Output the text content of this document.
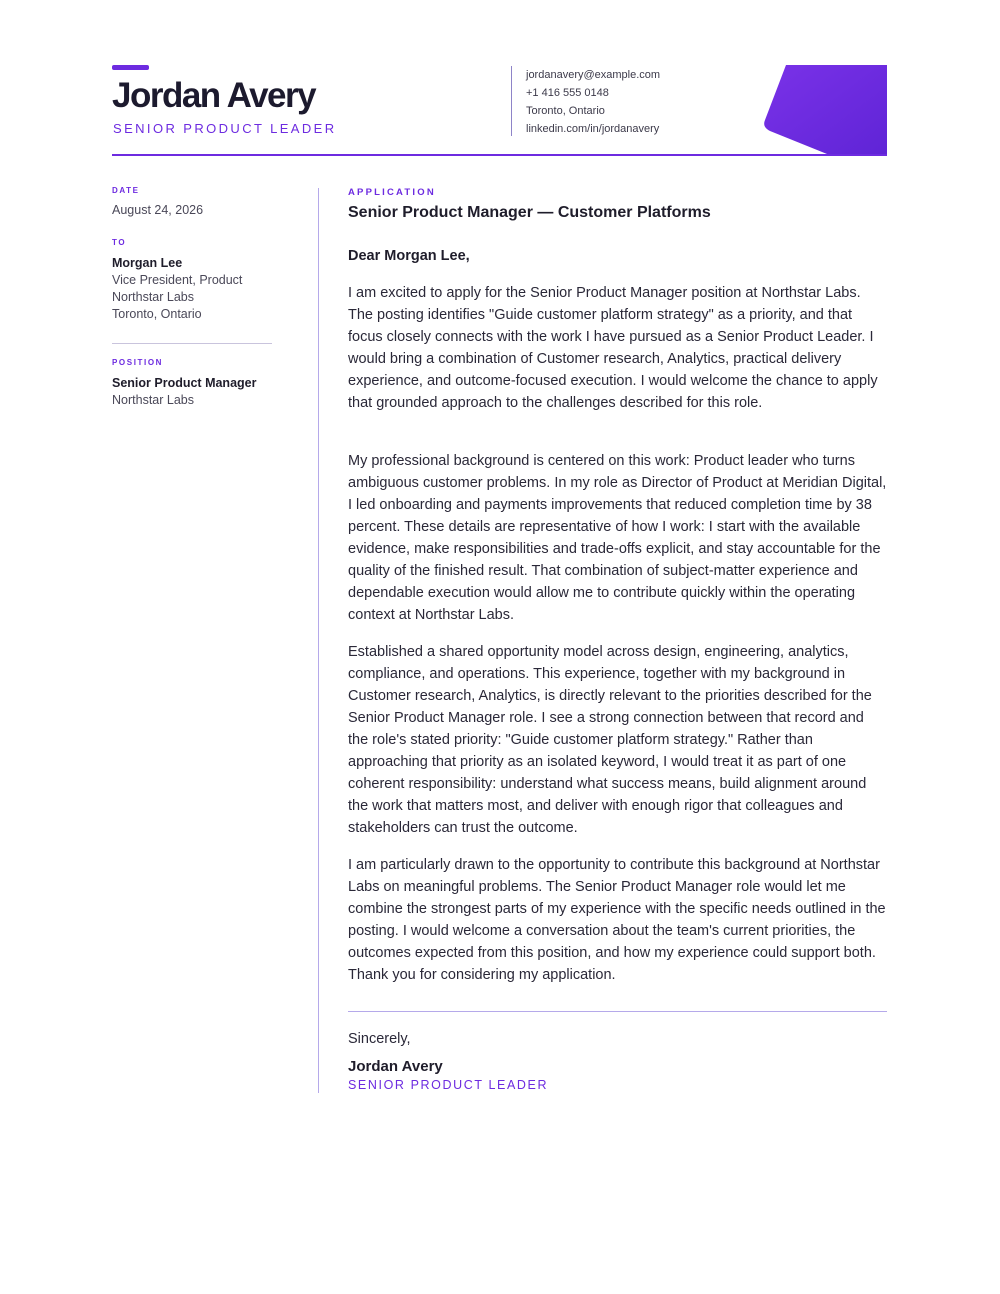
Jordan Avery
SENIOR PRODUCT LEADER
jordanavery@example.com
+1 416 555 0148
Toronto, Ontario
linkedin.com/in/jordanavery
DATE
August 24, 2026
TO
Morgan Lee
Vice President, Product
Northstar Labs
Toronto, Ontario
POSITION
Senior Product Manager
Northstar Labs
APPLICATION
Senior Product Manager — Customer Platforms
Dear Morgan Lee,

I am excited to apply for the Senior Product Manager position at Northstar Labs. The posting identifies "Guide customer platform strategy" as a priority, and that focus closely connects with the work I have pursued as a Senior Product Leader. I would bring a combination of Customer research, Analytics, practical delivery experience, and outcome-focused execution. I would welcome the chance to apply that grounded approach to the challenges described for this role.

My professional background is centered on this work: Product leader who turns ambiguous customer problems. In my role as Director of Product at Meridian Digital, I led onboarding and payments improvements that reduced completion time by 38 percent. These details are representative of how I work: I start with the available evidence, make responsibilities and trade-offs explicit, and stay accountable for the quality of the finished result. That combination of subject-matter experience and dependable execution would allow me to contribute quickly within the operating context at Northstar Labs.

Established a shared opportunity model across design, engineering, analytics, compliance, and operations. This experience, together with my background in Customer research, Analytics, is directly relevant to the priorities described for the Senior Product Manager role. I see a strong connection between that record and the role's stated priority: "Guide customer platform strategy." Rather than approaching that priority as an isolated keyword, I would treat it as part of one coherent responsibility: understand what success means, build alignment around the work that matters most, and deliver with enough rigor that colleagues and stakeholders can trust the outcome.

I am particularly drawn to the opportunity to contribute this background at Northstar Labs on meaningful problems. The Senior Product Manager role would let me combine the strongest parts of my experience with the specific needs outlined in the posting. I would welcome a conversation about the team's current priorities, the outcomes expected from this position, and how my experience could support both. Thank you for considering my application.

Sincerely,
Jordan Avery
SENIOR PRODUCT LEADER
